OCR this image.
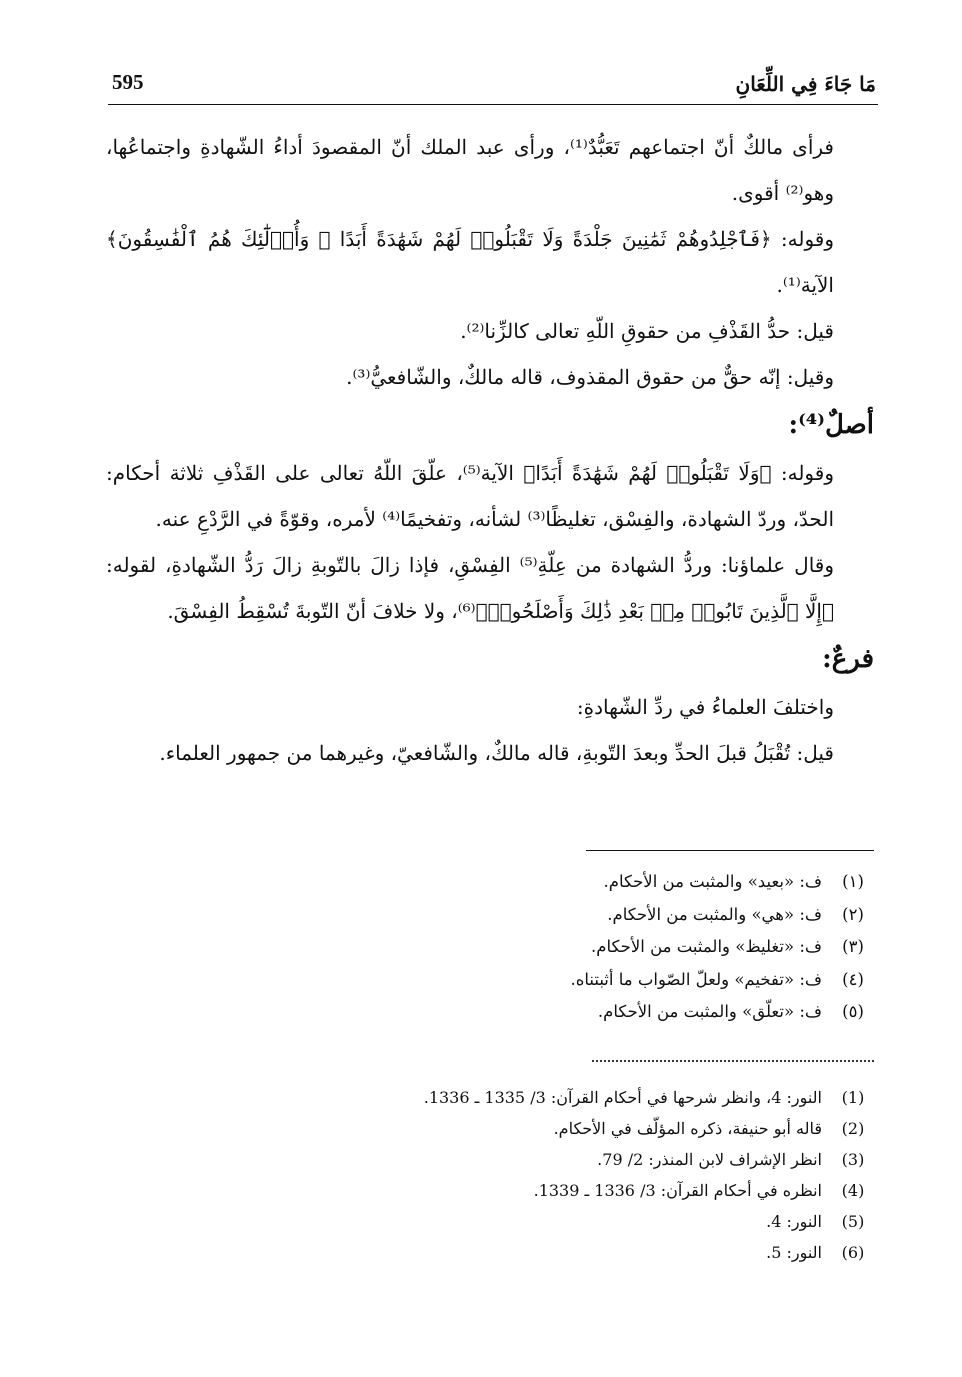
595	مَا جَاءَ فِي اللِّعَانِ

فرأى مالكٌ أنّ اجتماعهم تَعَبُّدٌ⁽¹⁾، ورأى عبد الملك أنّ المقصودَ أداءُ الشّهادةِ واجتماعُها، وهو⁽²⁾ أقوى.

وقوله: ﴿فَٱجْلِدُوهُمْ ثَمَٰنِينَ جَلْدَةً وَلَا تَقْبَلُوا۟ لَهُمْ شَهَٰدَةً أَبَدًا ۚ وَأُو۟لَٰٓئِكَ هُمُ ٱلْفَٰسِقُونَ﴾ الآية⁽¹⁾.

قيل: حدُّ القَذْفِ من حقوقِ اللّهِ تعالى كالزِّنا⁽²⁾.

وقيل: إنّه حقٌّ من حقوق المقذوف، قاله مالكٌ، والشّافعيُّ⁽³⁾.

أصلٌ⁽⁴⁾:

وقوله: ﴿وَلَا تَقْبَلُوا۟ لَهُمْ شَهَٰدَةً أَبَدًا﴾ الآية⁽⁵⁾، علّقَ اللّهُ تعالى على القَذْفِ ثلاثة أحكام: الحدّ، وردّ الشهادة، والفِسْق، تغليظًا⁽³⁾ لشأنه، وتفخيمًا⁽⁴⁾ لأمره، وقوّةً في الرَّدْعِ عنه.

وقال علماؤنا: وردُّ الشهادة من عِلّةِ⁽⁵⁾ الفِسْقِ، فإذا زالَ بالتّوبةِ زالَ رَدُّ الشّهادةِ، لقوله: ﴿إِلَّا ٱلَّذِينَ تَابُوا۟ مِنۢ بَعْدِ ذَٰلِكَ وَأَصْلَحُوا۟﴾⁽⁶⁾، ولا خلافَ أنّ التّوبةَ تُسْقِطُ الفِسْقَ.

فرعٌ:

واختلفَ العلماءُ في ردِّ الشّهادةِ:

قيل: تُقْبَلُ قبلَ الحدِّ وبعدَ التّوبةِ، قاله مالكٌ، والشّافعيّ، وغيرهما من جمهور العلماء.

(١)
ف: «بعيد» والمثبت من الأحكام.
(٢)
ف: «هي» والمثبت من الأحكام.
(٣)
ف: «تغليظ» والمثبت من الأحكام.
(٤)
ف: «تفخيم» ولعلّ الصّواب ما أثبتناه.
(٥)
ف: «تعلّق» والمثبت من الأحكام.
(1)
النور: 4، وانظر شرحها في أحكام القرآن: 3/ 1335 ـ 1336.
(2)
قاله أبو حنيفة، ذكره المؤلّف في الأحكام.
(3)
انظر الإشراف لابن المنذر: 2/ 79.
(4)
انظره في أحكام القرآن: 3/ 1336 ـ 1339.
(5)
النور: 4.
(6)
النور: 5.
